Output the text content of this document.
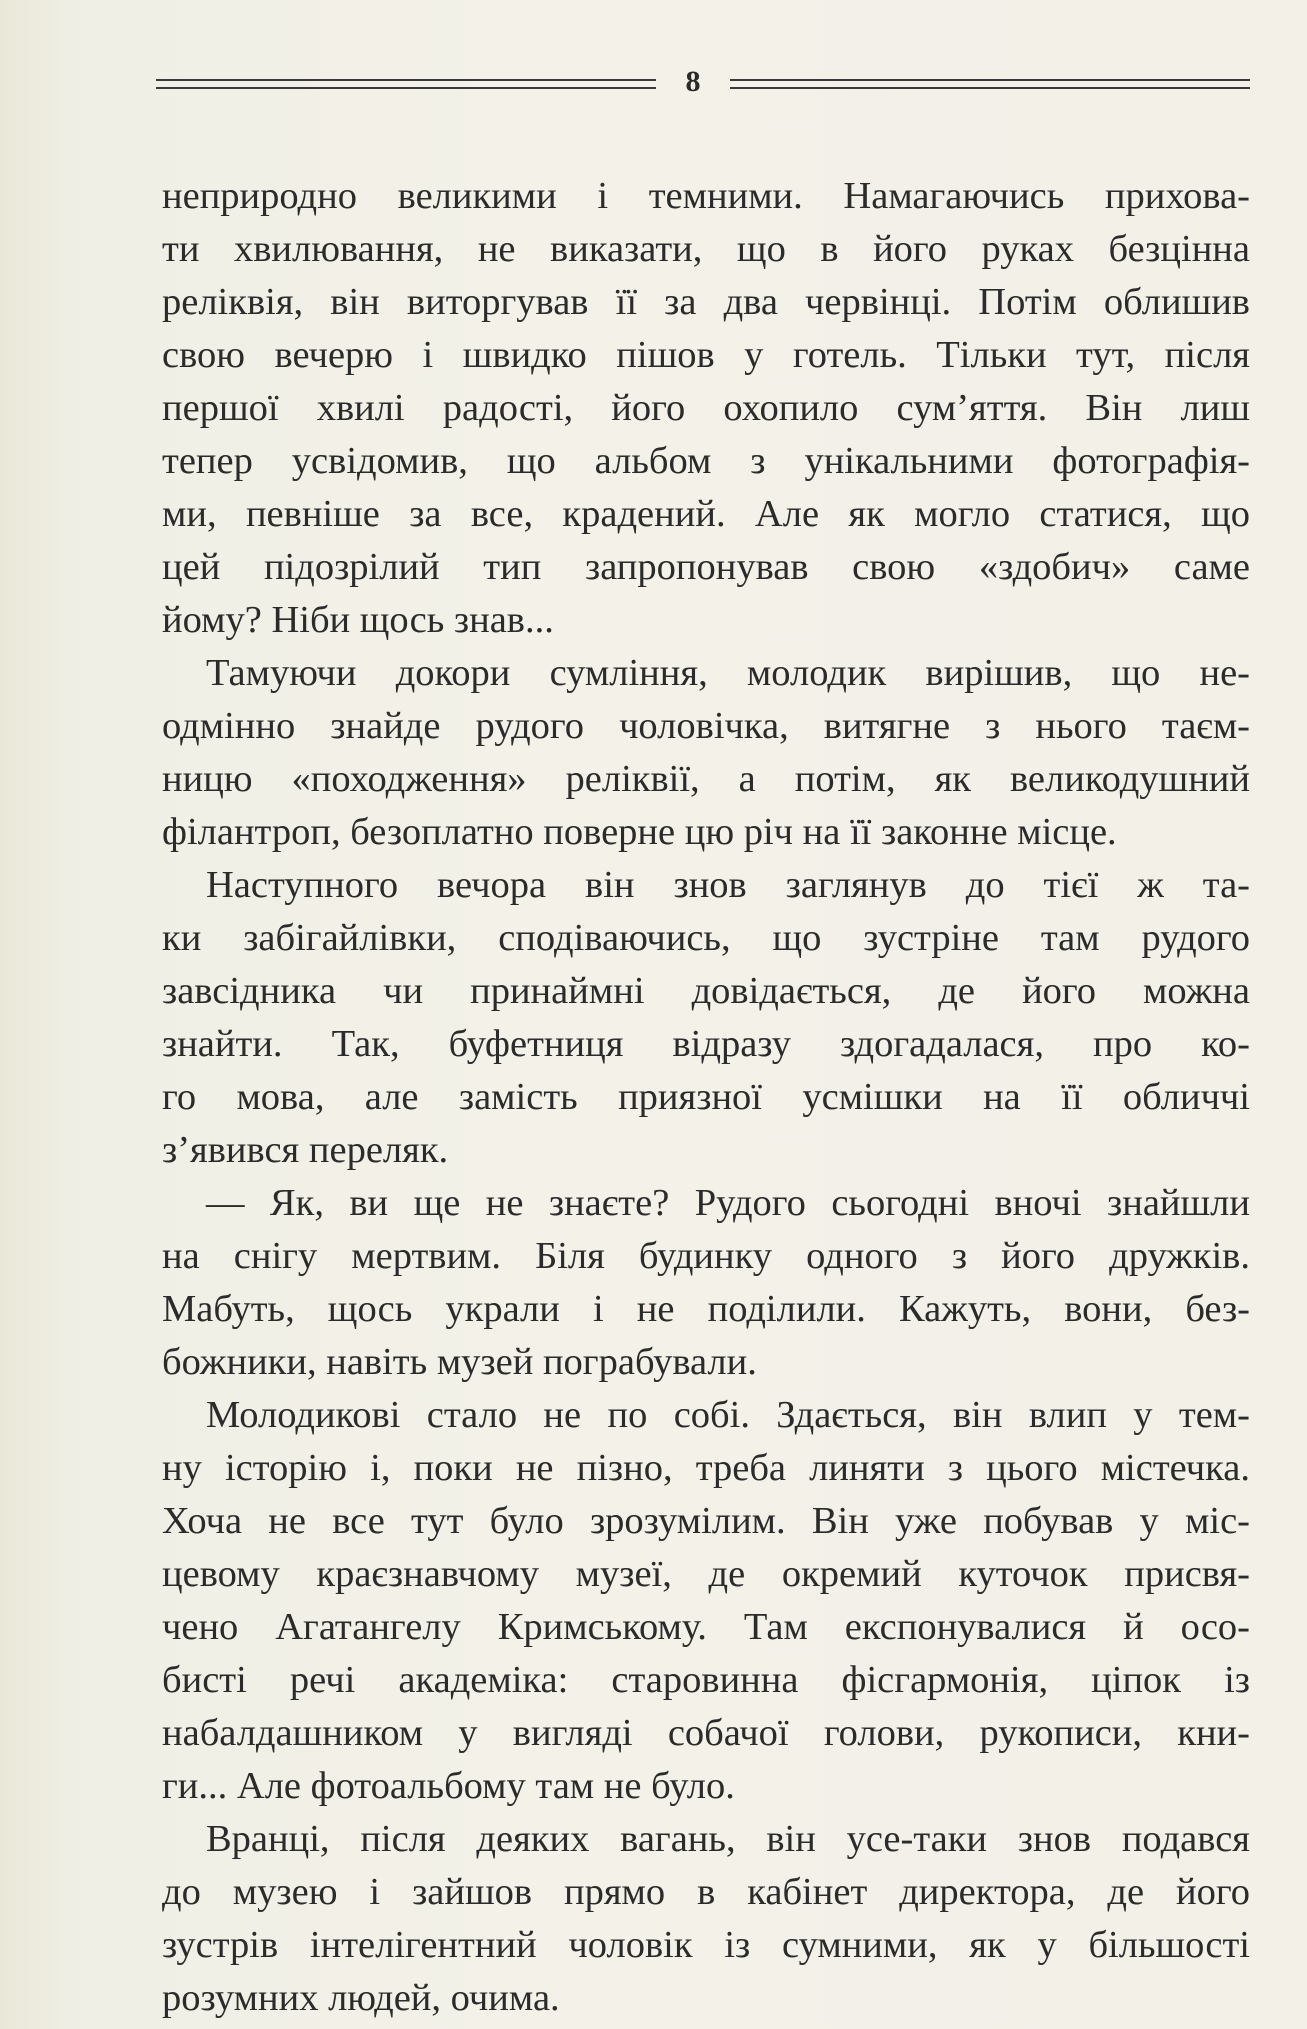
8

неприродно великими і темними. Намагаючись прихова-
ти хвилювання, не виказати, що в його руках безцінна
реліквія, він виторгував її за два червінці. Потім облишив
свою вечерю і швидко пішов у готель. Тільки тут, після
першої хвилі радості, його охопило сум’яття. Він лиш
тепер усвідомив, що альбом з унікальними фотографія-
ми, певніше за все, крадений. Але як могло статися, що
цей підозрілий тип запропонував свою «здобич» саме
йому? Ніби щось знав...

Тамуючи докори сумління, молодик вирішив, що не-
одмінно знайде рудого чоловічка, витягне з нього таєм-
ницю «походження» реліквії, а потім, як великодушний
філантроп, безоплатно поверне цю річ на її законне місце.

Наступного вечора він знов заглянув до тієї ж та-
ки забігайлівки, сподіваючись, що зустріне там рудого
завсідника чи принаймні довідається, де його можна
знайти. Так, буфетниця відразу здогадалася, про ко-
го мова, але замість приязної усмішки на її обличчі
з’явився переляк.

— Як, ви ще не знаєте? Рудого сьогодні вночі знайшли
на снігу мертвим. Біля будинку одного з його дружків.
Мабуть, щось украли і не поділили. Кажуть, вони, без-
божники, навіть музей пограбували.

Молодикові стало не по собі. Здається, він влип у тем-
ну історію і, поки не пізно, треба линяти з цього містечка.
Хоча не все тут було зрозумілим. Він уже побував у міс-
цевому краєзнавчому музеї, де окремий куточок присвя-
чено Агатангелу Кримському. Там експонувалися й осо-
бисті речі академіка: старовинна фісгармонія, ціпок із
набалдашником у вигляді собачої голови, рукописи, кни-
ги... Але фотоальбому там не було.

Вранці, після деяких вагань, він усе-таки знов подався
до музею і зайшов прямо в кабінет директора, де його
зустрів інтелігентний чоловік із сумними, як у більшості
розумних людей, очима.
